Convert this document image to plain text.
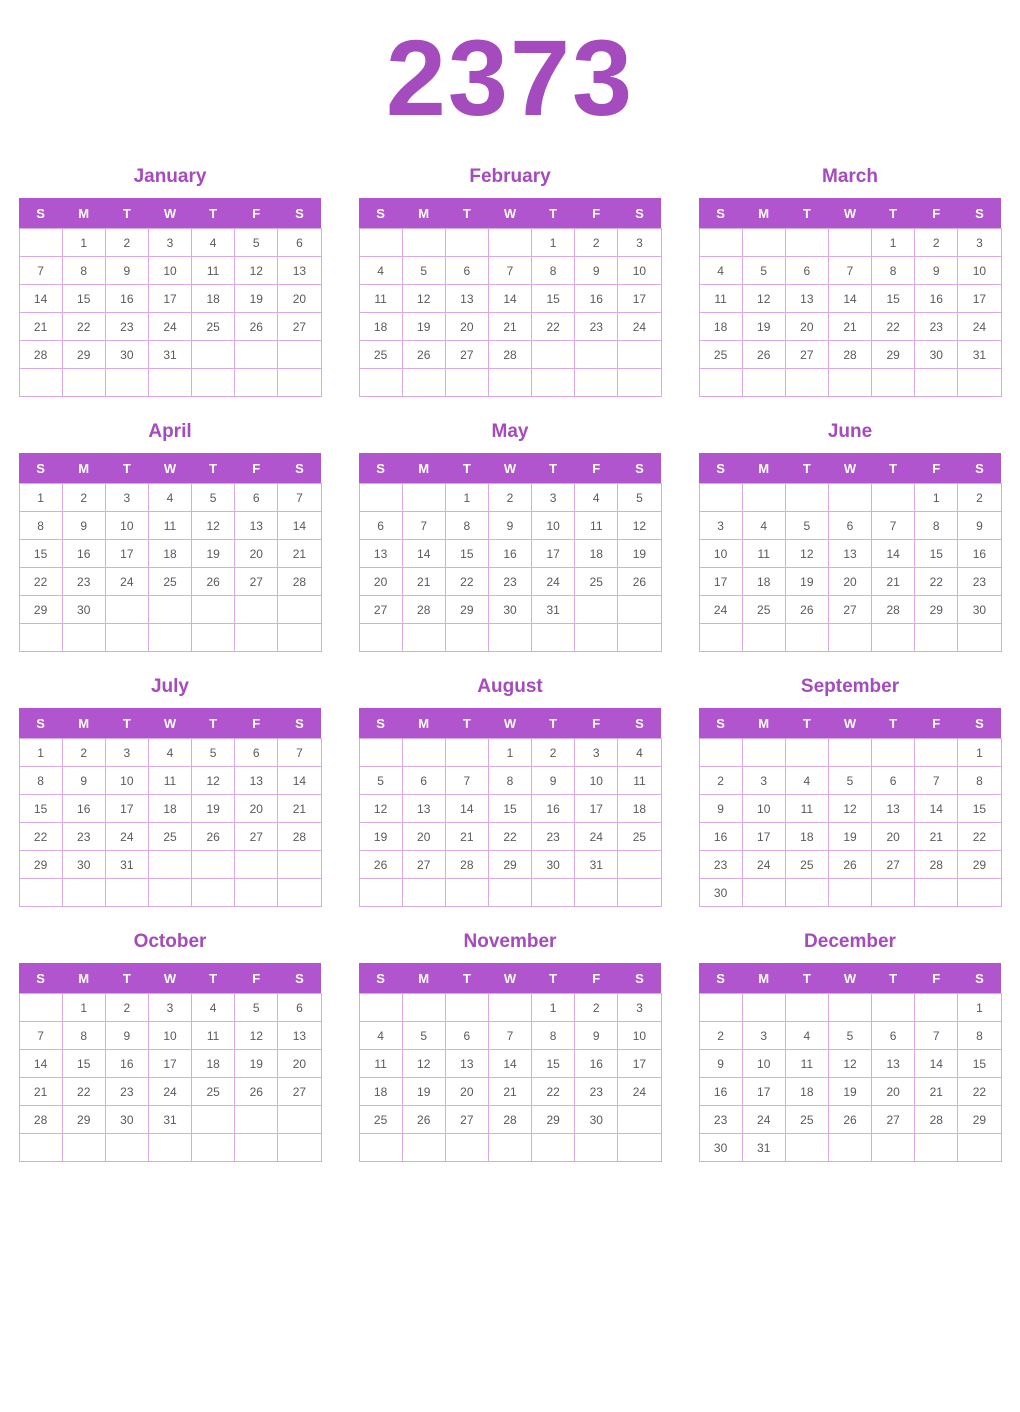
2373
January
S	M	T	W	T	F	S
	1	2	3	4	5	6
7	8	9	10	11	12	13
14	15	16	17	18	19	20
21	22	23	24	25	26	27
28	29	30	31			

February
S	M	T	W	T	F	S
				1	2	3
4	5	6	7	8	9	10
11	12	13	14	15	16	17
18	19	20	21	22	23	24
25	26	27	28			

March
S	M	T	W	T	F	S
				1	2	3
4	5	6	7	8	9	10
11	12	13	14	15	16	17
18	19	20	21	22	23	24
25	26	27	28	29	30	31

April
S	M	T	W	T	F	S
1	2	3	4	5	6	7
8	9	10	11	12	13	14
15	16	17	18	19	20	21
22	23	24	25	26	27	28
29	30					

May
S	M	T	W	T	F	S
		1	2	3	4	5
6	7	8	9	10	11	12
13	14	15	16	17	18	19
20	21	22	23	24	25	26
27	28	29	30	31		

June
S	M	T	W	T	F	S
					1	2
3	4	5	6	7	8	9
10	11	12	13	14	15	16
17	18	19	20	21	22	23
24	25	26	27	28	29	30

July
S	M	T	W	T	F	S
1	2	3	4	5	6	7
8	9	10	11	12	13	14
15	16	17	18	19	20	21
22	23	24	25	26	27	28
29	30	31				

August
S	M	T	W	T	F	S
			1	2	3	4
5	6	7	8	9	10	11
12	13	14	15	16	17	18
19	20	21	22	23	24	25
26	27	28	29	30	31	

September
S	M	T	W	T	F	S
						1
2	3	4	5	6	7	8
9	10	11	12	13	14	15
16	17	18	19	20	21	22
23	24	25	26	27	28	29
30						
October
S	M	T	W	T	F	S
	1	2	3	4	5	6
7	8	9	10	11	12	13
14	15	16	17	18	19	20
21	22	23	24	25	26	27
28	29	30	31			

November
S	M	T	W	T	F	S
				1	2	3
4	5	6	7	8	9	10
11	12	13	14	15	16	17
18	19	20	21	22	23	24
25	26	27	28	29	30	

December
S	M	T	W	T	F	S
						1
2	3	4	5	6	7	8
9	10	11	12	13	14	15
16	17	18	19	20	21	22
23	24	25	26	27	28	29
30	31					
